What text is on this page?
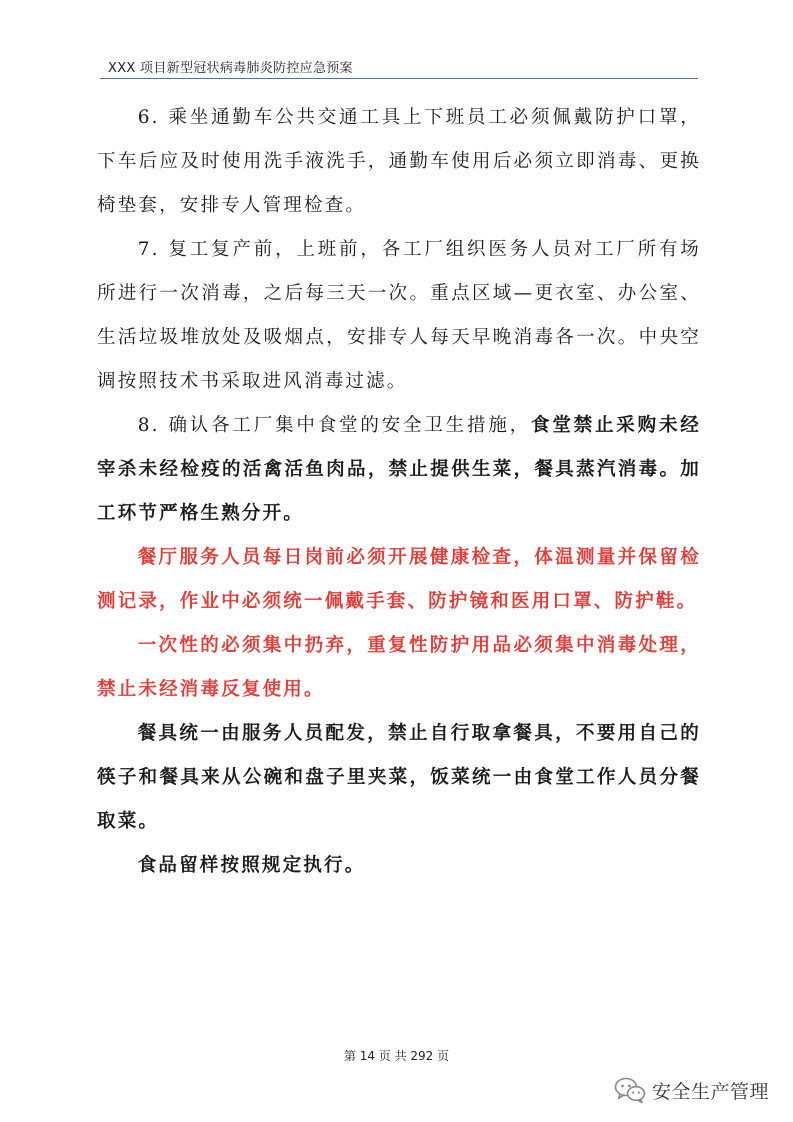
XXX 项目新型冠状病毒肺炎防控应急预案

6. 乘坐通勤车公共交通工具上下班员工必须佩戴防护口罩，下车后应及时使用洗手液洗手，通勤车使用后必须立即消毒、更换椅垫套，安排专人管理检查。

7. 复工复产前，上班前，各工厂组织医务人员对工厂所有场所进行一次消毒，之后每三天一次。重点区域—更衣室、办公室、生活垃圾堆放处及吸烟点，安排专人每天早晚消毒各一次。中央空调按照技术书采取进风消毒过滤。

8. 确认各工厂集中食堂的安全卫生措施，食堂禁止采购未经宰杀未经检疫的活禽活鱼肉品，禁止提供生菜，餐具蒸汽消毒。加工环节严格生熟分开。

餐厅服务人员每日岗前必须开展健康检查，体温测量并保留检测记录，作业中必须统一佩戴手套、防护镜和医用口罩、防护鞋。

一次性的必须集中扔弃，重复性防护用品必须集中消毒处理，禁止未经消毒反复使用。

餐具统一由服务人员配发，禁止自行取拿餐具，不要用自己的筷子和餐具来从公碗和盘子里夹菜，饭菜统一由食堂工作人员分餐取菜。

食品留样按照规定执行。

第 14 页 共 292 页
安全生产管理
